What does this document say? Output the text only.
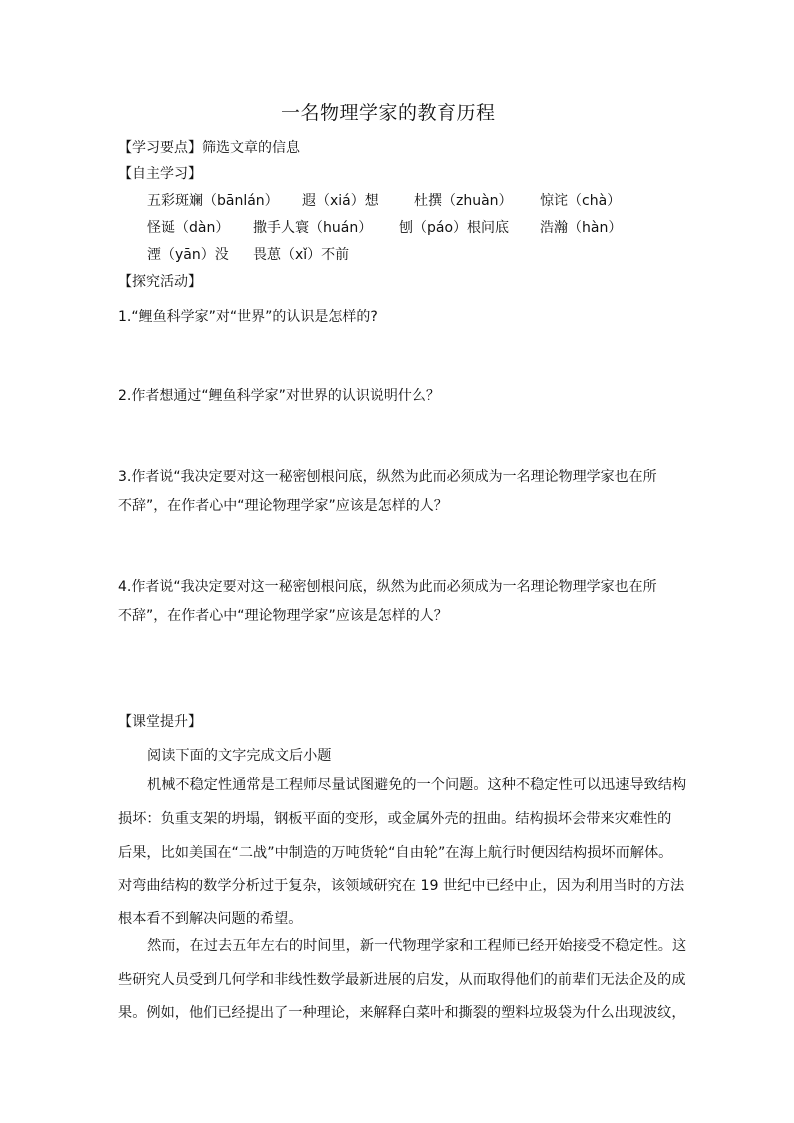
一名物理学家的教育历程
【学习要点】筛选文章的信息
【自主学习】
五彩斑斓（bānlán） 遐（xiá）想	杜撰（zhuàn） 惊诧（chà）
怪诞（dàn） 撒手人寰（huán） 刨（páo）根问底 浩瀚（hàn）
湮（yān）没 畏葸（xǐ）不前
【探究活动】
1.“鲤鱼科学家”对“世界”的认识是怎样的?
2.作者想通过“鲤鱼科学家”对世界的认识说明什么？
3.作者说“我决定要对这一秘密刨根问底，纵然为此而必须成为一名理论物理学家也在所
不辞”，在作者心中“理论物理学家”应该是怎样的人？
4.作者说“我决定要对这一秘密刨根问底，纵然为此而必须成为一名理论物理学家也在所
不辞”，在作者心中“理论物理学家”应该是怎样的人？
【课堂提升】
阅读下面的文字完成文后小题
机械不稳定性通常是工程师尽量试图避免的一个问题。这种不稳定性可以迅速导致结构
损坏：负重支架的坍塌，钢板平面的变形，或金属外壳的扭曲。结构损坏会带来灾难性的
后果，比如美国在“二战”中制造的万吨货轮“自由轮”在海上航行时便因结构损坏而解体。
对弯曲结构的数学分析过于复杂，该领域研究在 19 世纪中已经中止，因为利用当时的方法
根本看不到解决问题的希望。
然而，在过去五年左右的时间里，新一代物理学家和工程师已经开始接受不稳定性。这
些研究人员受到几何学和非线性数学最新进展的启发，从而取得他们的前辈们无法企及的成
果。例如，他们已经提出了一种理论，来解释白菜叶和撕裂的塑料垃圾袋为什么出现波纹，
